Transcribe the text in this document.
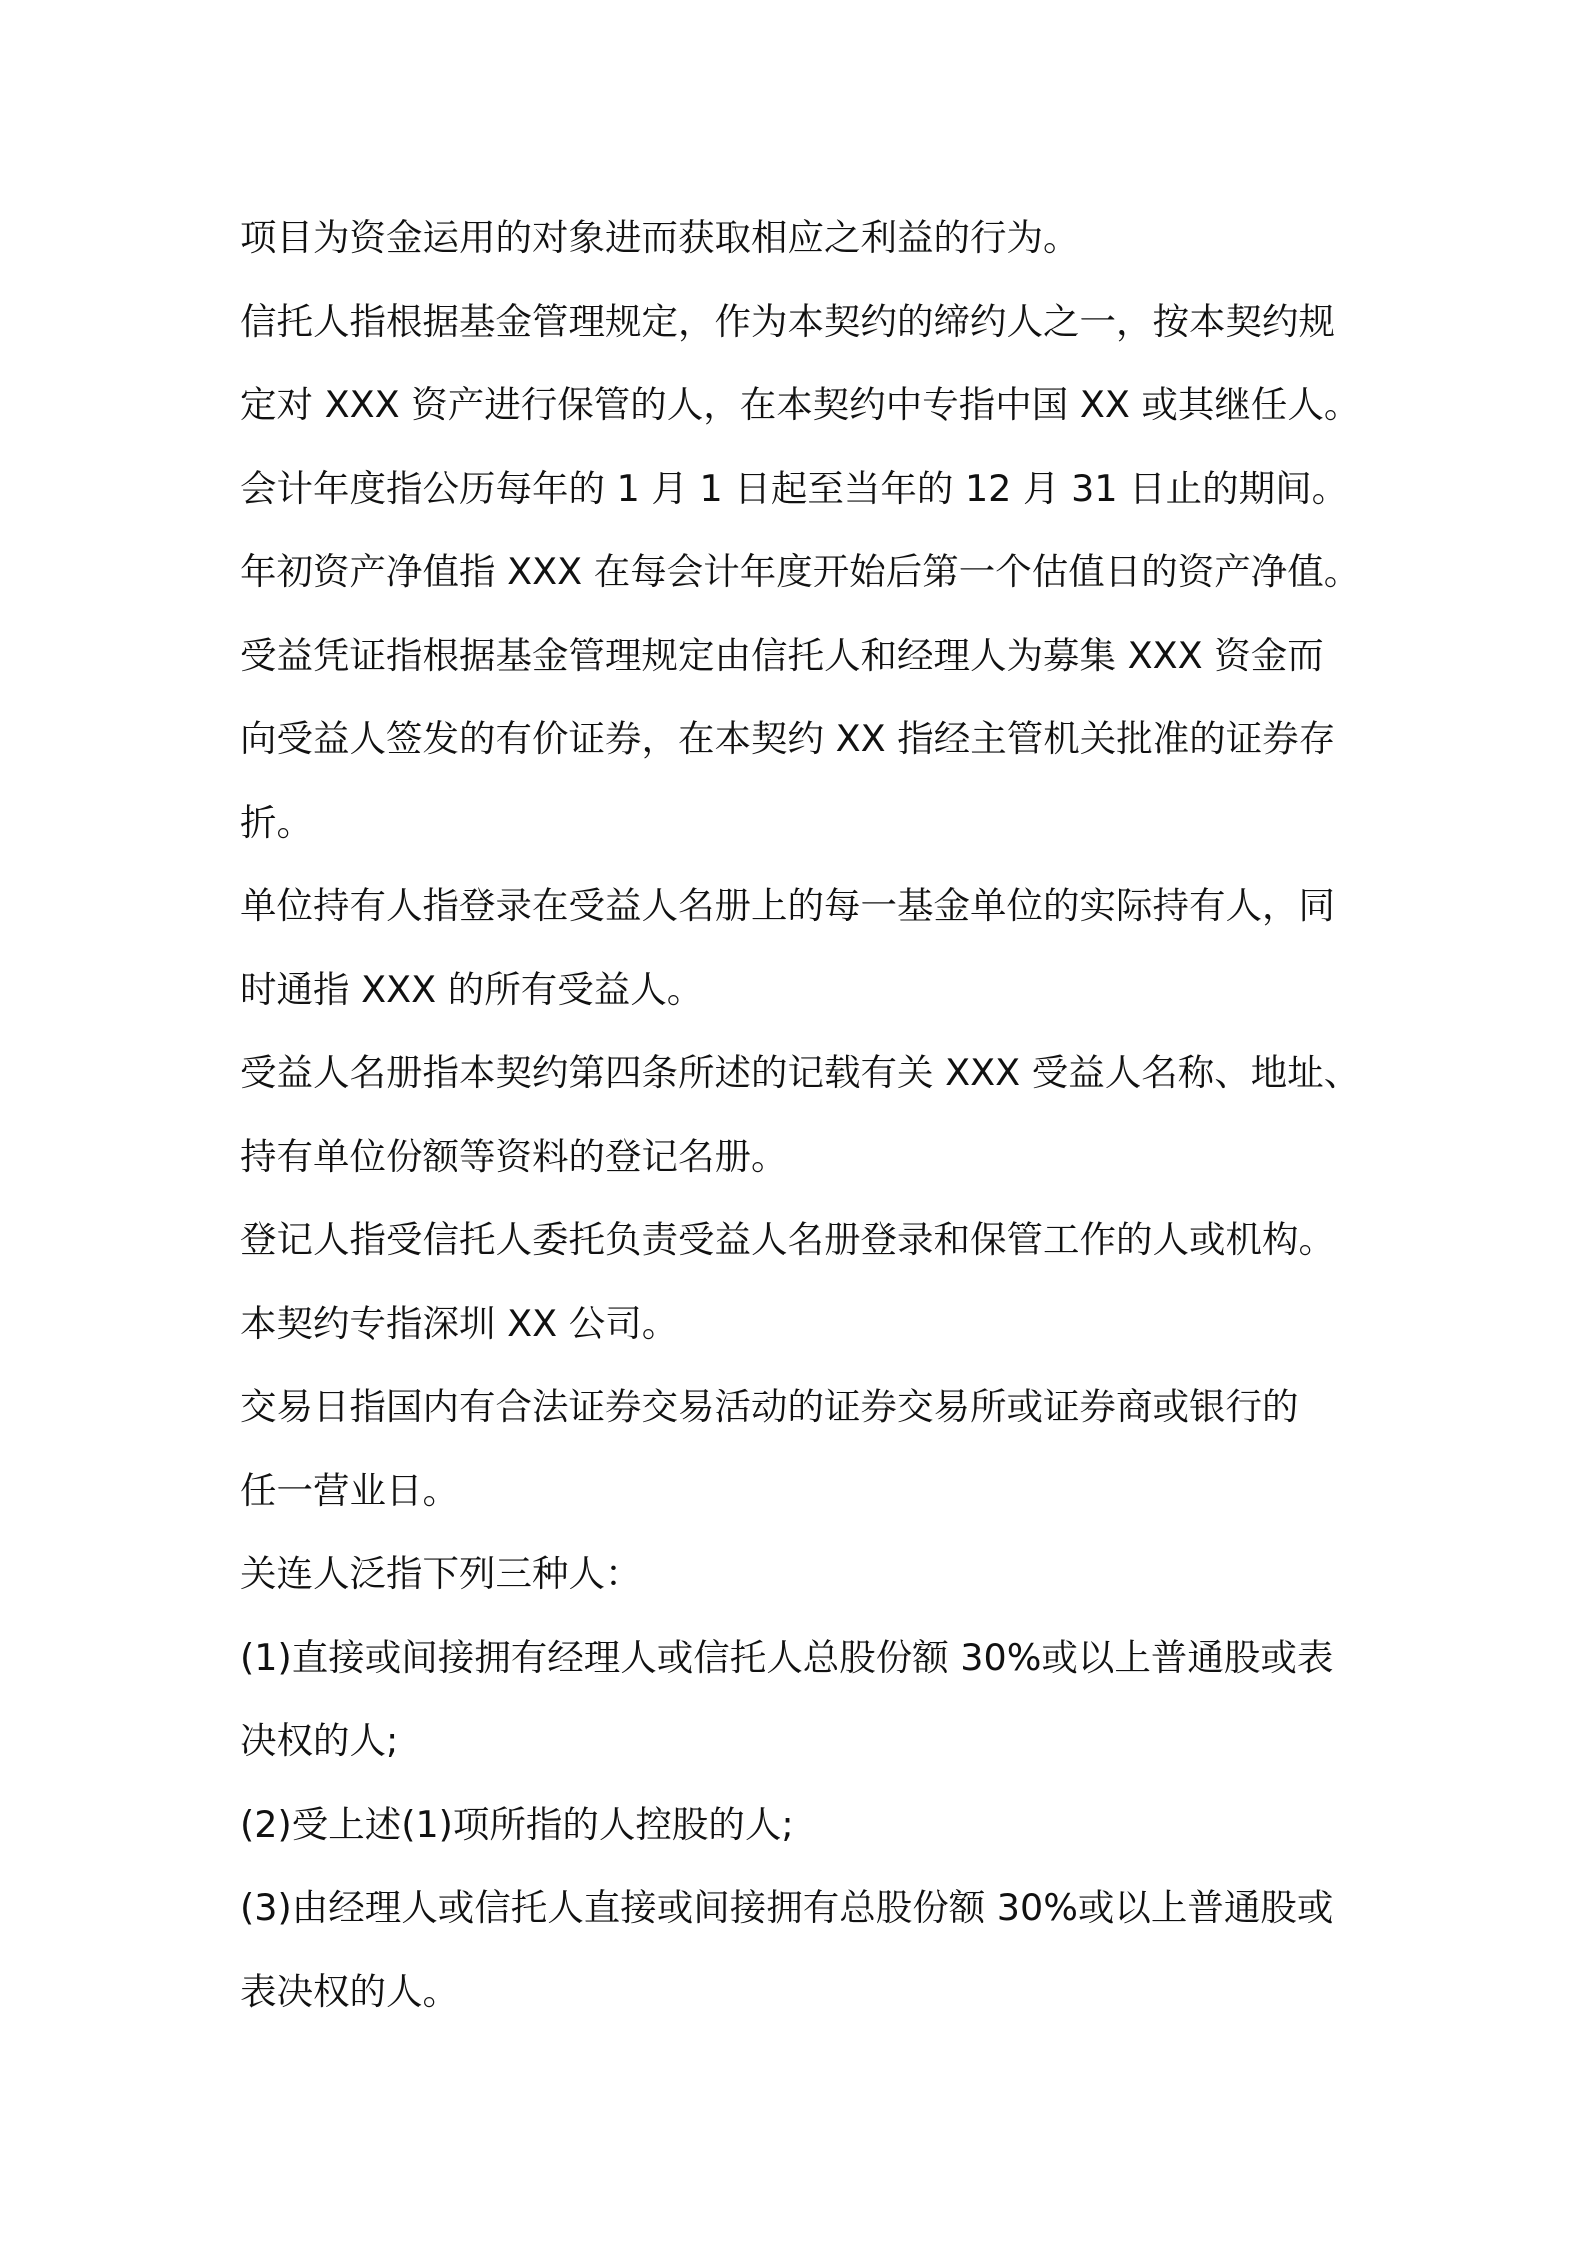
项目为资金运用的对象进而获取相应之利益的行为。
信托人指根据基金管理规定，作为本契约的缔约人之一，按本契约规
定对 XXX 资产进行保管的人，在本契约中专指中国 XX 或其继任人。
会计年度指公历每年的 1 月 1 日起至当年的 12 月 31 日止的期间。
年初资产净值指 XXX 在每会计年度开始后第一个估值日的资产净值。
受益凭证指根据基金管理规定由信托人和经理人为募集 XXX 资金而
向受益人签发的有价证券，在本契约 XX 指经主管机关批准的证券存
折。
单位持有人指登录在受益人名册上的每一基金单位的实际持有人，同
时通指 XXX 的所有受益人。
受益人名册指本契约第四条所述的记载有关 XXX 受益人名称、地址、
持有单位份额等资料的登记名册。
登记人指受信托人委托负责受益人名册登录和保管工作的人或机构。
本契约专指深圳 XX 公司。
交易日指国内有合法证券交易活动的证券交易所或证券商或银行的
任一营业日。
关连人泛指下列三种人：
(1)直接或间接拥有经理人或信托人总股份额 30%或以上普通股或表
决权的人;
(2)受上述(1)项所指的人控股的人;
(3)由经理人或信托人直接或间接拥有总股份额 30%或以上普通股或
表决权的人。
